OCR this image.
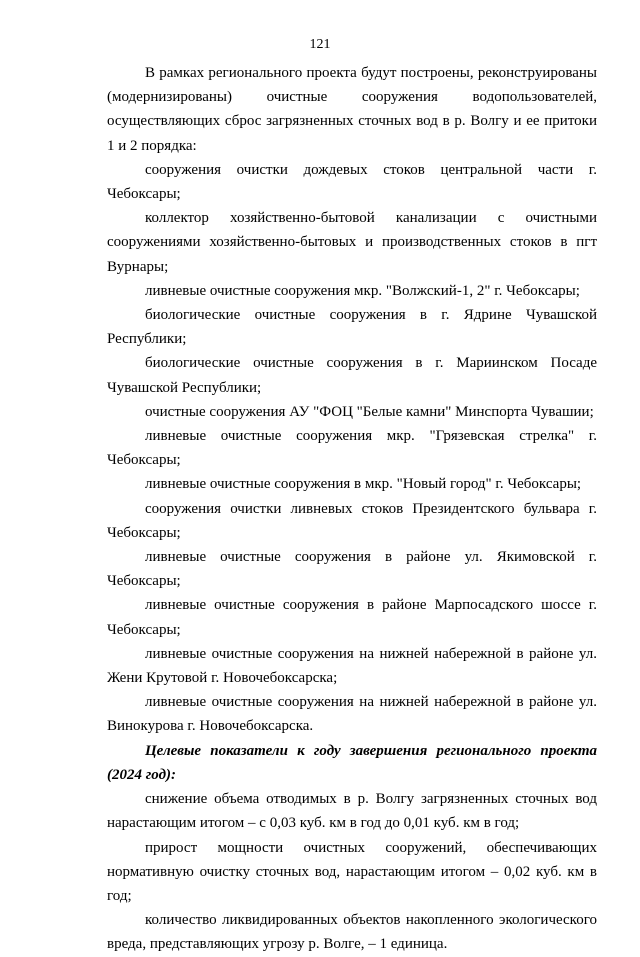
121

В рамках регионального проекта будут построены, реконструированы (модернизированы) очистные сооружения водопользователей, осуществляющих сброс загрязненных сточных вод в р. Волгу и ее притоки 1 и 2 порядка:

сооружения очистки дождевых стоков центральной части г. Чебоксары;

коллектор хозяйственно-бытовой канализации с очистными сооружениями хозяйственно-бытовых и производственных стоков в пгт Вурнары;

ливневые очистные сооружения мкр. "Волжский-1, 2" г. Чебоксары;

биологические очистные сооружения в г. Ядрине Чувашской Республики;

биологические очистные сооружения в г. Мариинском Посаде Чувашской Республики;

очистные сооружения АУ "ФОЦ "Белые камни" Минспорта Чувашии;

ливневые очистные сооружения мкр. "Грязевская стрелка" г. Чебоксары;

ливневые очистные сооружения в мкр. "Новый город" г. Чебоксары;

сооружения очистки ливневых стоков Президентского бульвара г. Чебоксары;

ливневые очистные сооружения в районе ул. Якимовской г. Чебоксары;

ливневые очистные сооружения в районе Марпосадского шоссе г. Чебоксары;

ливневые очистные сооружения на нижней набережной в районе ул. Жени Крутовой г. Новочебоксарска;

ливневые очистные сооружения на нижней набережной в районе ул. Винокурова г. Новочебоксарска.

Целевые показатели к году завершения регионального проекта (2024 год):

снижение объема отводимых в р. Волгу загрязненных сточных вод нарастающим итогом – с 0,03 куб. км в год до 0,01 куб. км в год;

прирост мощности очистных сооружений, обеспечивающих нормативную очистку сточных вод, нарастающим итогом – 0,02 куб. км в год;

количество ликвидированных объектов накопленного экологического вреда, представляющих угрозу р. Волге, – 1 единица.
